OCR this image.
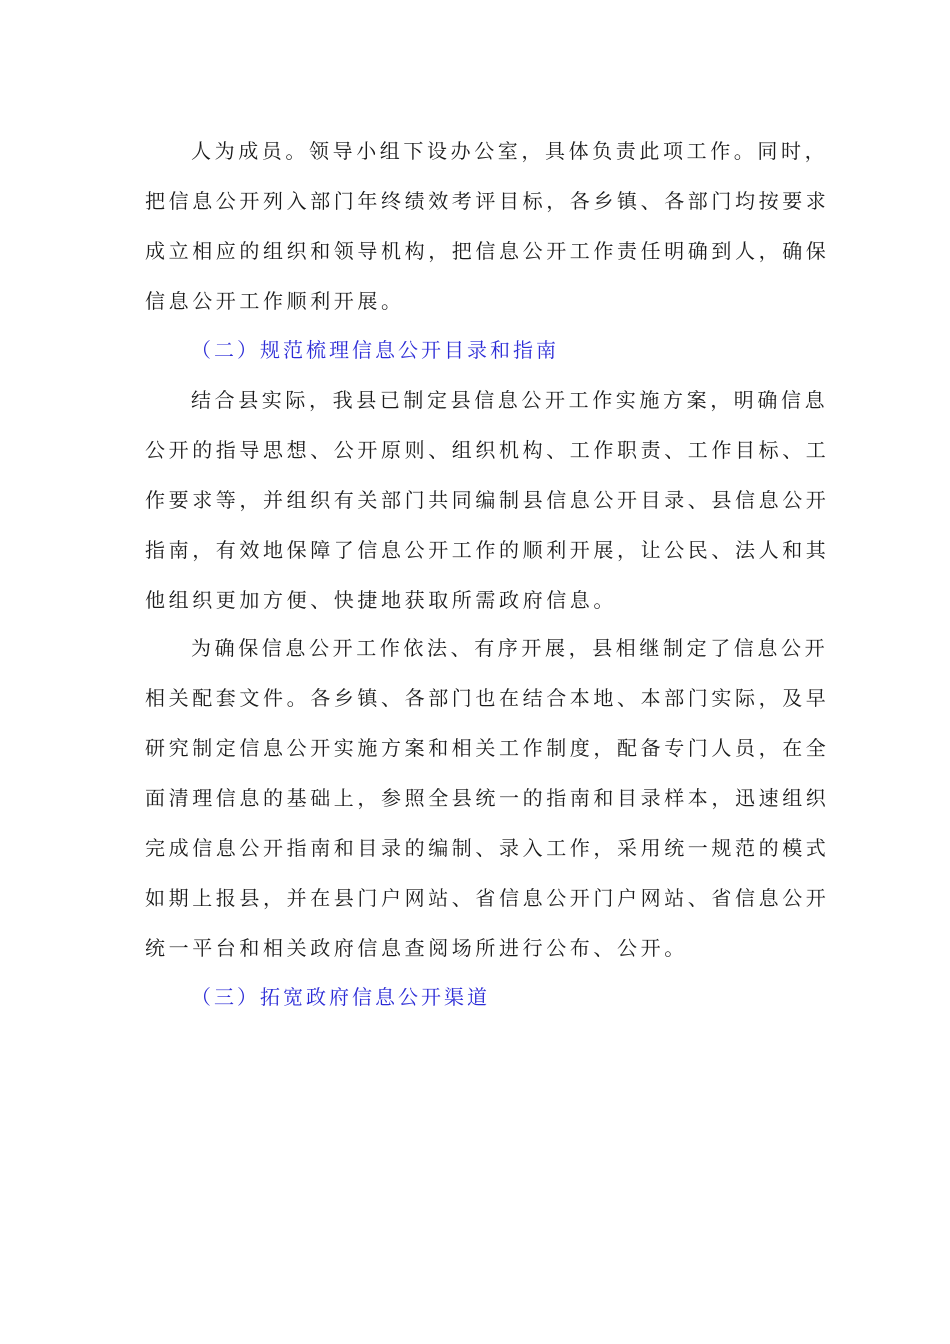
人为成员。领导小组下设办公室，具体负责此项工作。同时，
把信息公开列入部门年终绩效考评目标，各乡镇、各部门均按要求
成立相应的组织和领导机构，把信息公开工作责任明确到人，确保
信息公开工作顺利开展。
（二）规范梳理信息公开目录和指南
结合县实际，我县已制定县信息公开工作实施方案，明确信息
公开的指导思想、公开原则、组织机构、工作职责、工作目标、工
作要求等，并组织有关部门共同编制县信息公开目录、县信息公开
指南，有效地保障了信息公开工作的顺利开展，让公民、法人和其
他组织更加方便、快捷地获取所需政府信息。
为确保信息公开工作依法、有序开展，县相继制定了信息公开
相关配套文件。各乡镇、各部门也在结合本地、本部门实际，及早
研究制定信息公开实施方案和相关工作制度，配备专门人员，在全
面清理信息的基础上，参照全县统一的指南和目录样本，迅速组织
完成信息公开指南和目录的编制、录入工作，采用统一规范的模式
如期上报县，并在县门户网站、省信息公开门户网站、省信息公开
统一平台和相关政府信息查阅场所进行公布、公开。
（三）拓宽政府信息公开渠道
